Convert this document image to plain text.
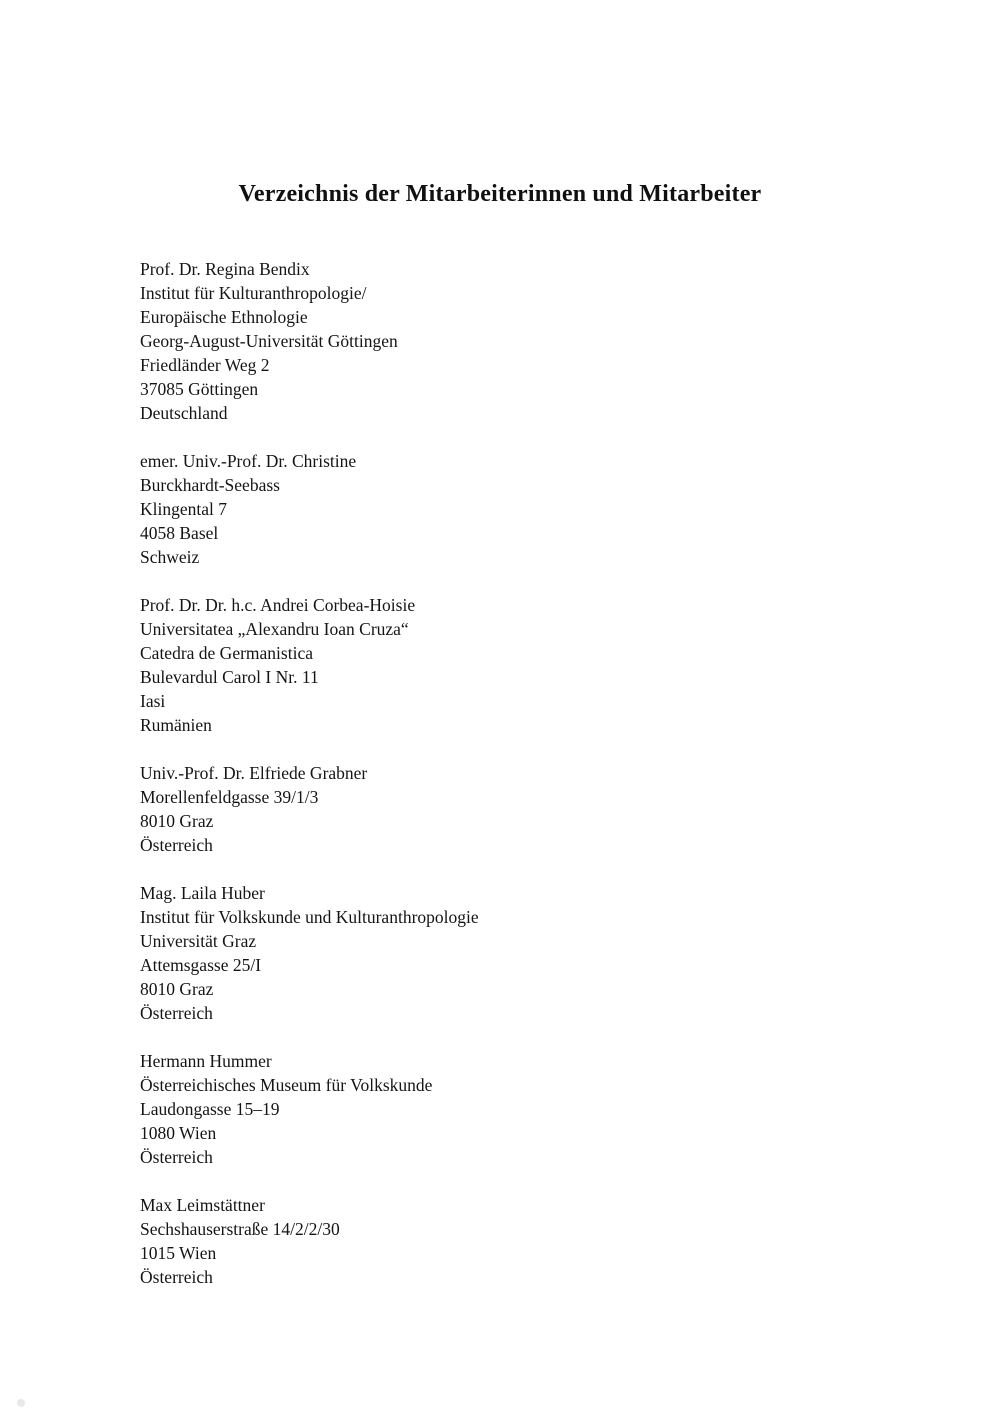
Verzeichnis der Mitarbeiterinnen und Mitarbeiter
Prof. Dr. Regina Bendix
Institut für Kulturanthropologie/
Europäische Ethnologie
Georg-August-Universität Göttingen
Friedländer Weg 2
37085 Göttingen
Deutschland
emer. Univ.-Prof. Dr. Christine
Burckhardt-Seebass
Klingental 7
4058 Basel
Schweiz
Prof. Dr. Dr. h.c. Andrei Corbea-Hoisie
Universitatea „Alexandru Ioan Cruza“
Catedra de Germanistica
Bulevardul Carol I Nr. 11
Iasi
Rumänien
Univ.-Prof. Dr. Elfriede Grabner
Morellenfeldgasse 39/1/3
8010 Graz
Österreich
Mag. Laila Huber
Institut für Volkskunde und Kulturanthropologie
Universität Graz
Attemsgasse 25/I
8010 Graz
Österreich
Hermann Hummer
Österreichisches Museum für Volkskunde
Laudongasse 15–19
1080 Wien
Österreich
Max Leimstättner
Sechshauserstraße 14/2/2/30
1015 Wien
Österreich
